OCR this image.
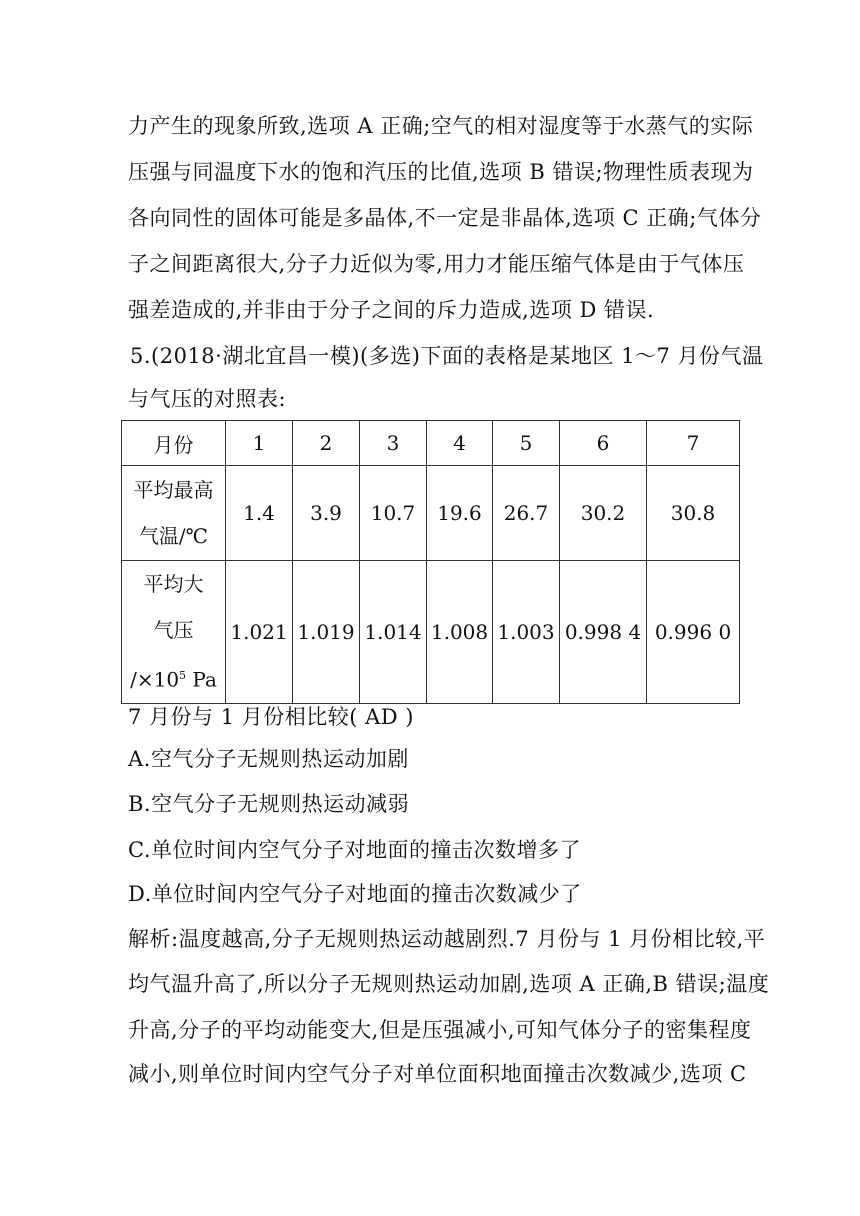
力产生的现象所致,选项 A 正确;空气的相对湿度等于水蒸气的实际
压强与同温度下水的饱和汽压的比值,选项 B 错误;物理性质表现为
各向同性的固体可能是多晶体,不一定是非晶体,选项 C 正确;气体分
子之间距离很大,分子力近似为零,用力才能压缩气体是由于气体压
强差造成的,并非由于分子之间的斥力造成,选项 D 错误.
5.(2018·湖北宜昌一模)(多选)下面的表格是某地区 1～7 月份气温
月份	1	2	3	4	5	6	7

平均最高
气温/℃	1.4	3.9	10.7	19.6	26.7	30.2	30.8

平均大
气压
$/\times 10^5$ Pa	1.021	1.019	1.014	1.008	1.003	0.998 4	0.996 0
7 月份与 1 月份相比较( AD )
A.空气分子无规则热运动加剧
B.空气分子无规则热运动减弱
C.单位时间内空气分子对地面的撞击次数增多了
D.单位时间内空气分子对地面的撞击次数减少了
解析:温度越高,分子无规则热运动越剧烈.7 月份与 1 月份相比较,平
均气温升高了,所以分子无规则热运动加剧,选项 A 正确,B 错误;温度
升高,分子的平均动能变大,但是压强减小,可知气体分子的密集程度
减小,则单位时间内空气分子对单位面积地面撞击次数减少,选项 C
与气压的对照表:
